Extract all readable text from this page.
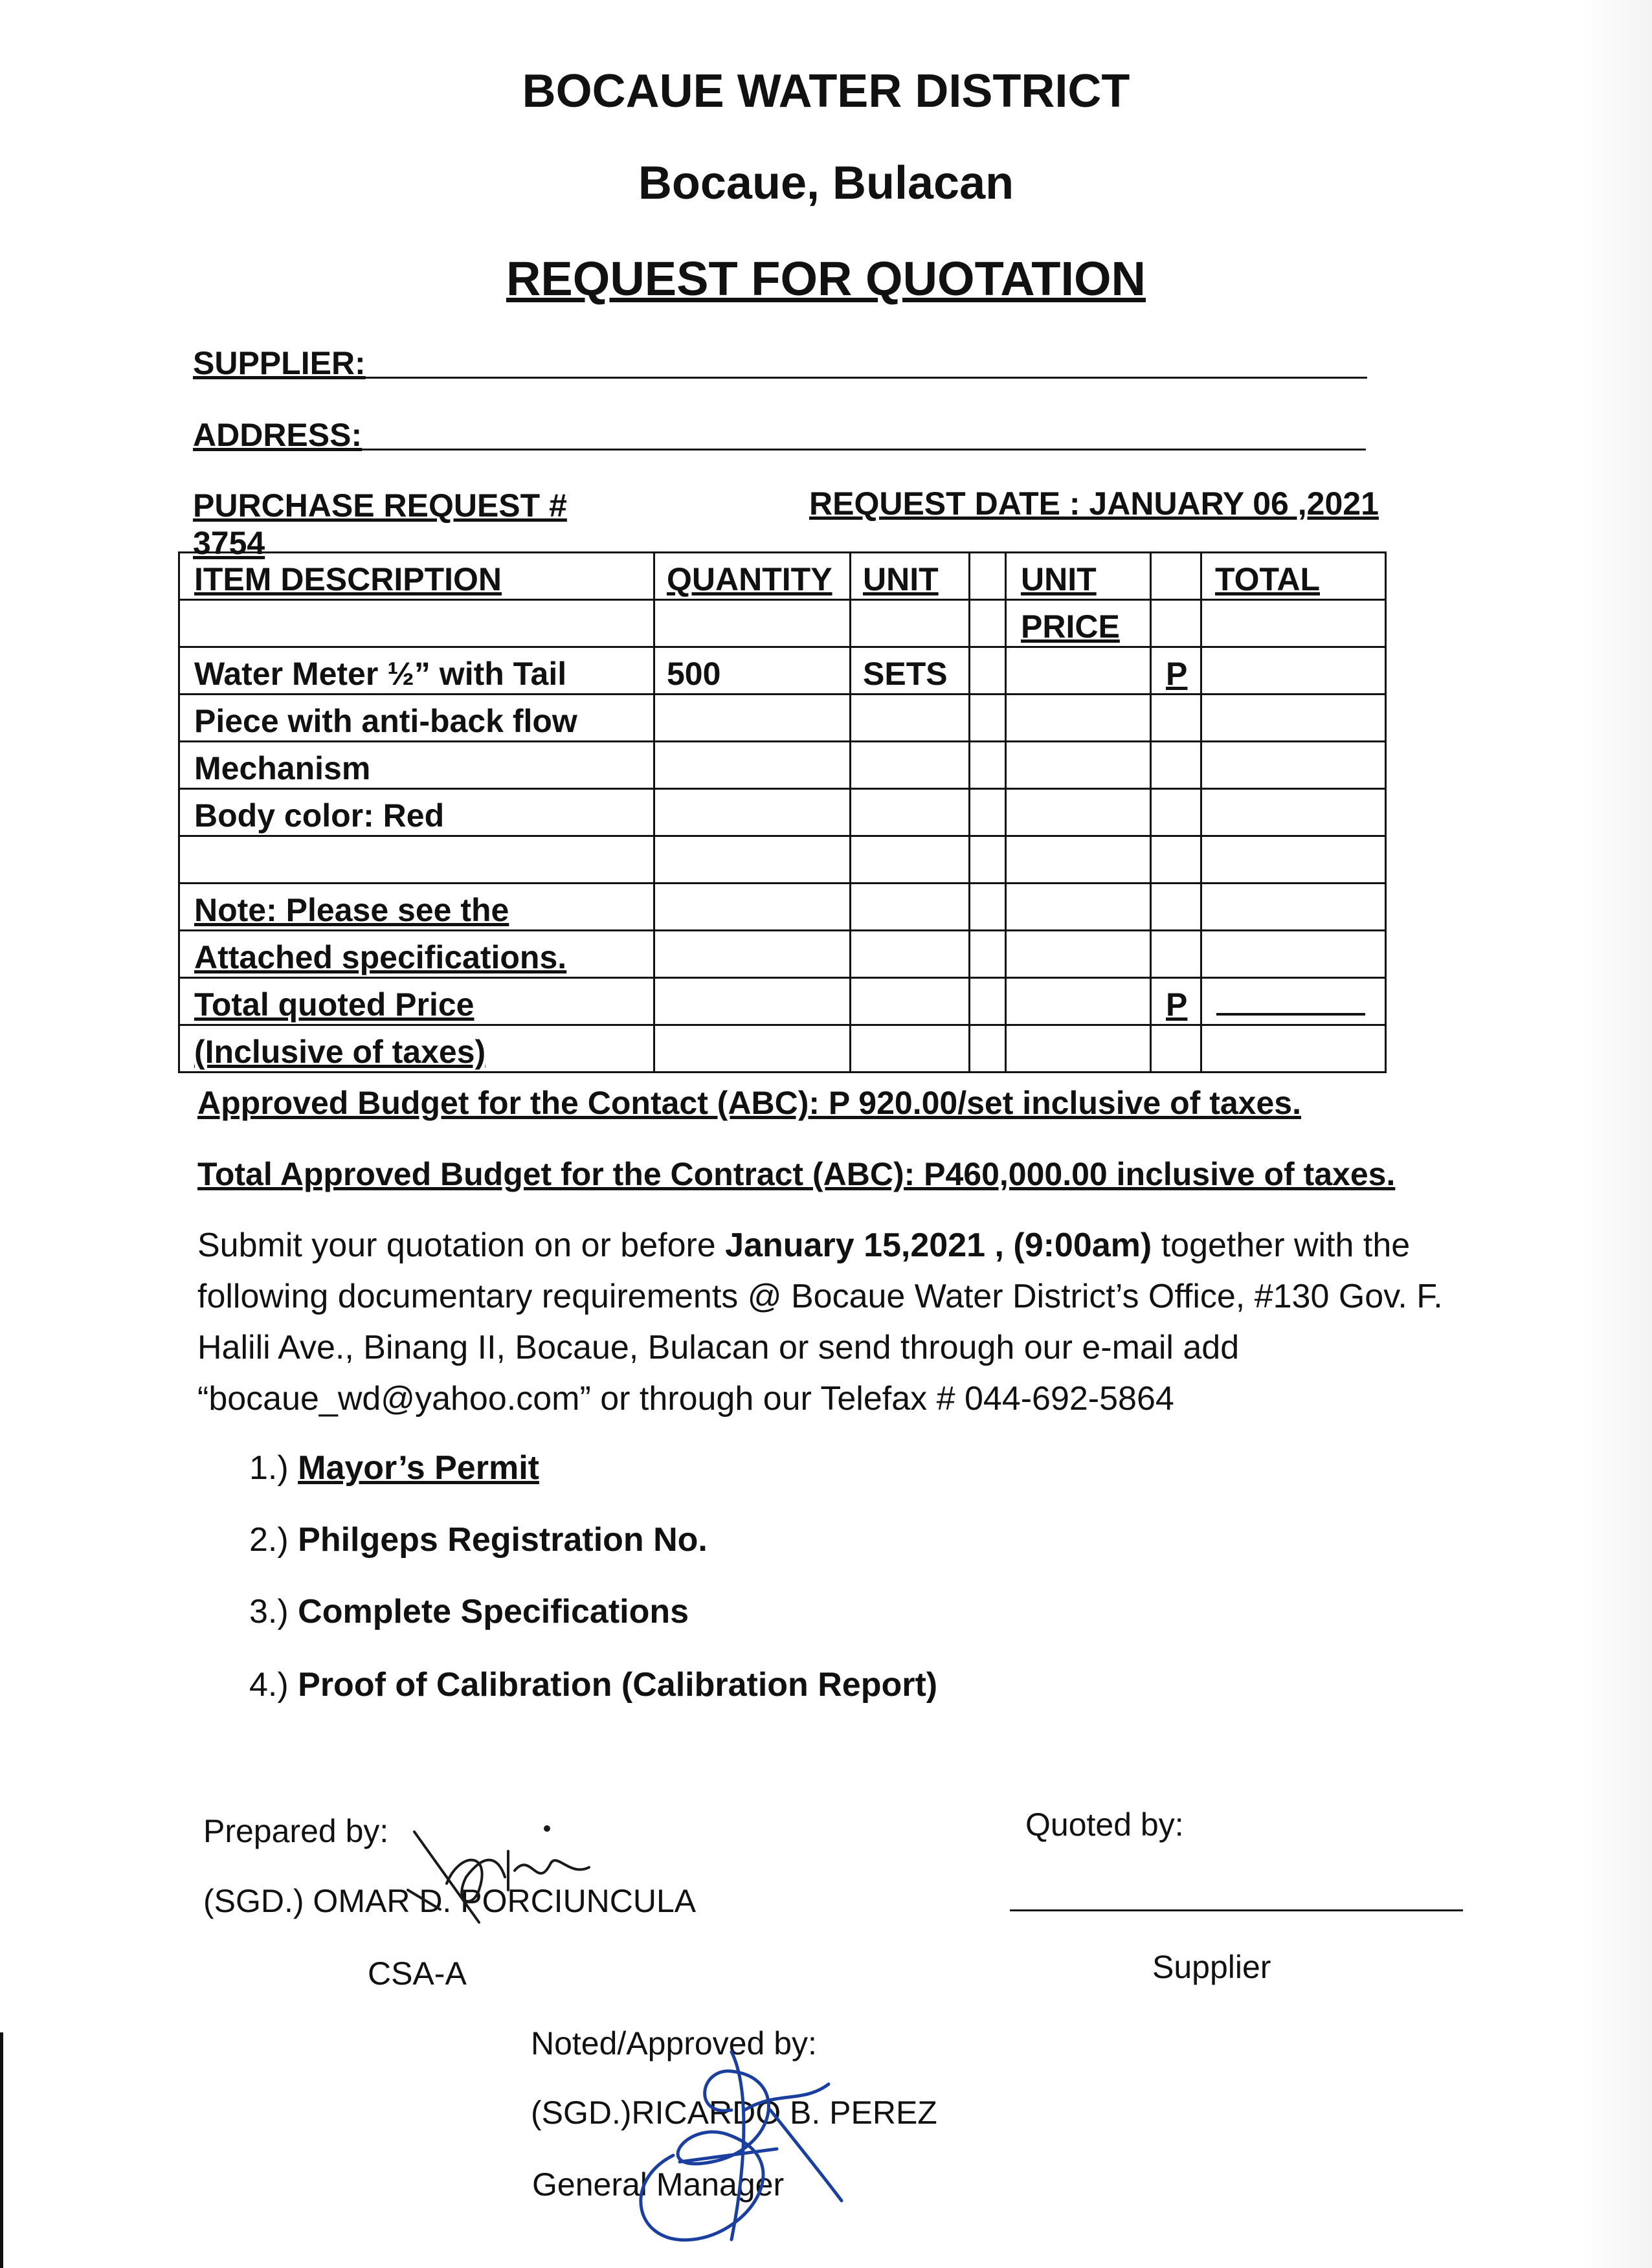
BOCAUE WATER DISTRICT
Bocaue, Bulacan
REQUEST FOR QUOTATION
SUPPLIER:
ADDRESS:
PURCHASE REQUEST # 3754
REQUEST DATE : JANUARY 06 ,2021
ITEM DESCRIPTION	QUANTITY	UNIT		UNIT		TOTAL
				PRICE		
Water Meter ½” with Tail	500	SETS			P	
Piece with anti-back flow						
Mechanism						
Body color: Red						

Note: Please see the						
Attached specifications.						
Total quoted Price					P	
(Inclusive of taxes)						
Approved Budget for the Contact (ABC): P 920.00/set inclusive of taxes.
Total Approved Budget for the Contract (ABC): P460,000.00 inclusive of taxes.
Submit your quotation on or before January 15,2021 , (9:00am) together with the following documentary requirements @ Bocaue Water District’s Office, #130 Gov. F. Halili Ave., Binang II, Bocaue, Bulacan or send through our e-mail add “bocaue_wd@yahoo.com” or through our Telefax # 044-692-5864
1.) Mayor’s Permit
2.) Philgeps Registration No.
3.) Complete Specifications
4.) Proof of Calibration (Calibration Report)
Prepared by:
(SGD.) OMAR D. PORCIUNCULA
CSA-A
Quoted by:
Supplier
Noted/Approved by:
(SGD.)RICARDO B. PEREZ
General Manager
